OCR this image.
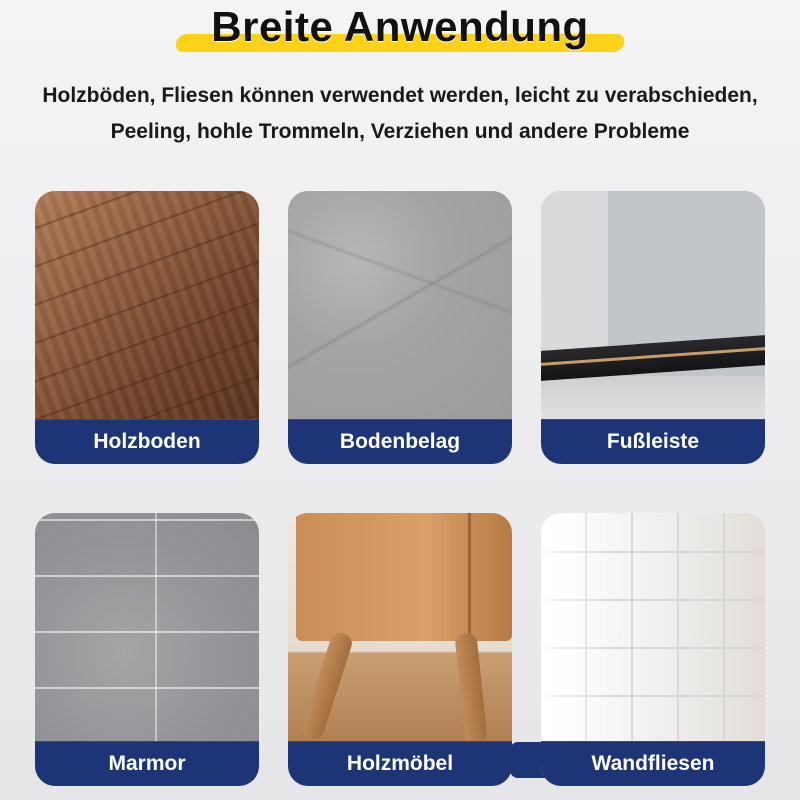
Breite Anwendung
Holzböden, Fliesen können verwendet werden, leicht zu verabschieden, Peeling, hohle Trommeln, Verziehen und andere Probleme
Holzboden	Bodenbelag	Fußleiste
Marmor	Holzmöbel	Wandfliesen
